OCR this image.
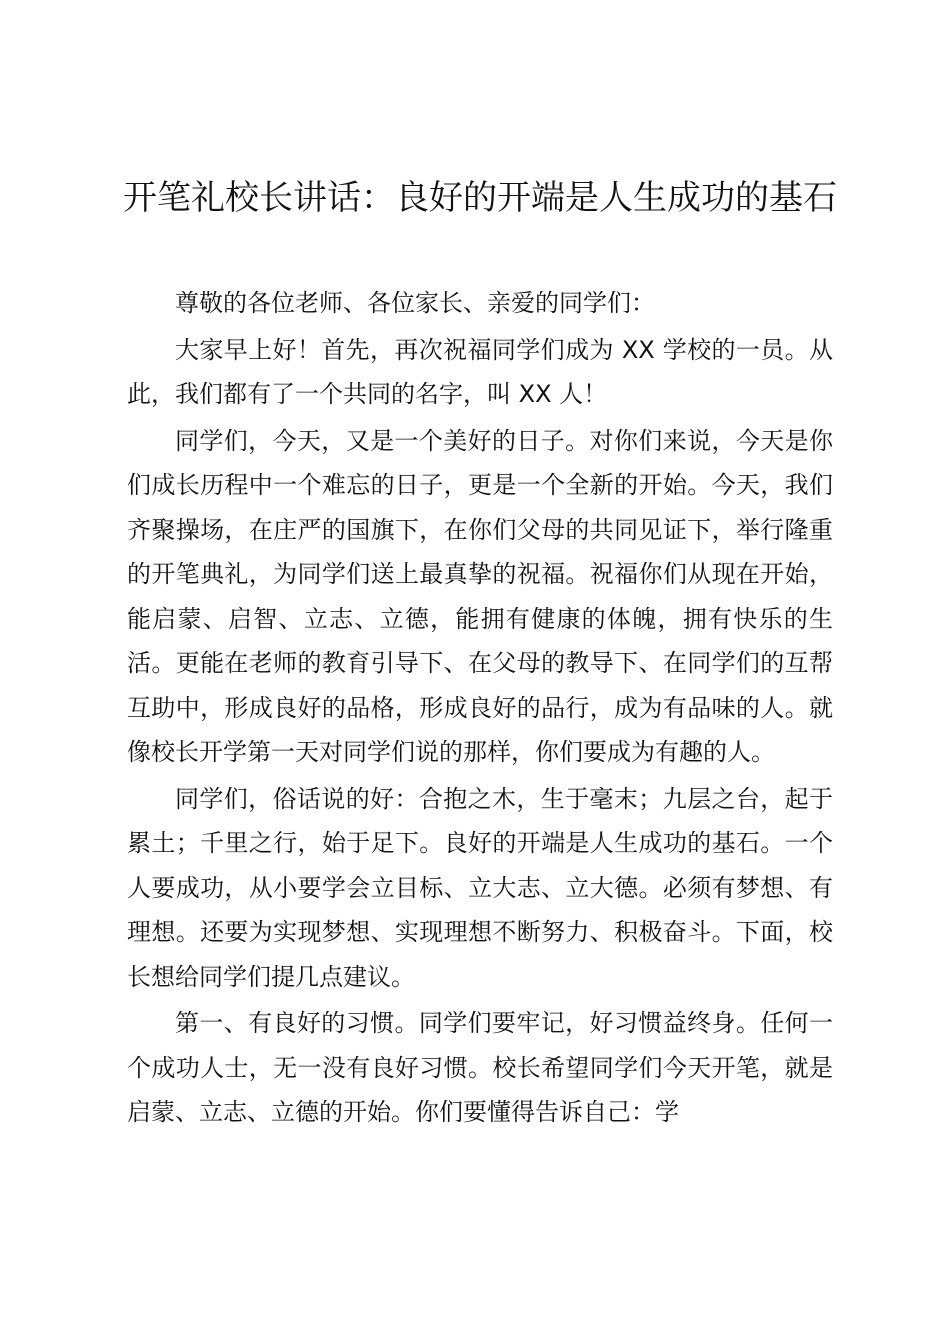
开笔礼校长讲话：良好的开端是人生成功的基石

尊敬的各位老师、各位家长、亲爱的同学们：

大家早上好！首先，再次祝福同学们成为 XX 学校的一员。从此，我们都有了一个共同的名字，叫 XX 人！

同学们，今天，又是一个美好的日子。对你们来说，今天是你们成长历程中一个难忘的日子，更是一个全新的开始。今天，我们齐聚操场，在庄严的国旗下，在你们父母的共同见证下，举行隆重的开笔典礼，为同学们送上最真挚的祝福。祝福你们从现在开始，能启蒙、启智、立志、立德，能拥有健康的体魄，拥有快乐的生活。更能在老师的教育引导下、在父母的教导下、在同学们的互帮互助中，形成良好的品格，形成良好的品行，成为有品味的人。就像校长开学第一天对同学们说的那样，你们要成为有趣的人。

同学们，俗话说的好：合抱之木，生于毫末；九层之台，起于累土；千里之行，始于足下。良好的开端是人生成功的基石。一个人要成功，从小要学会立目标、立大志、立大德。必须有梦想、有理想。还要为实现梦想、实现理想不断努力、积极奋斗。下面，校长想给同学们提几点建议。

第一、有良好的习惯。同学们要牢记，好习惯益终身。任何一个成功人士，无一没有良好习惯。校长希望同学们今天开笔，就是启蒙、立志、立德的开始。你们要懂得告诉自己：学
